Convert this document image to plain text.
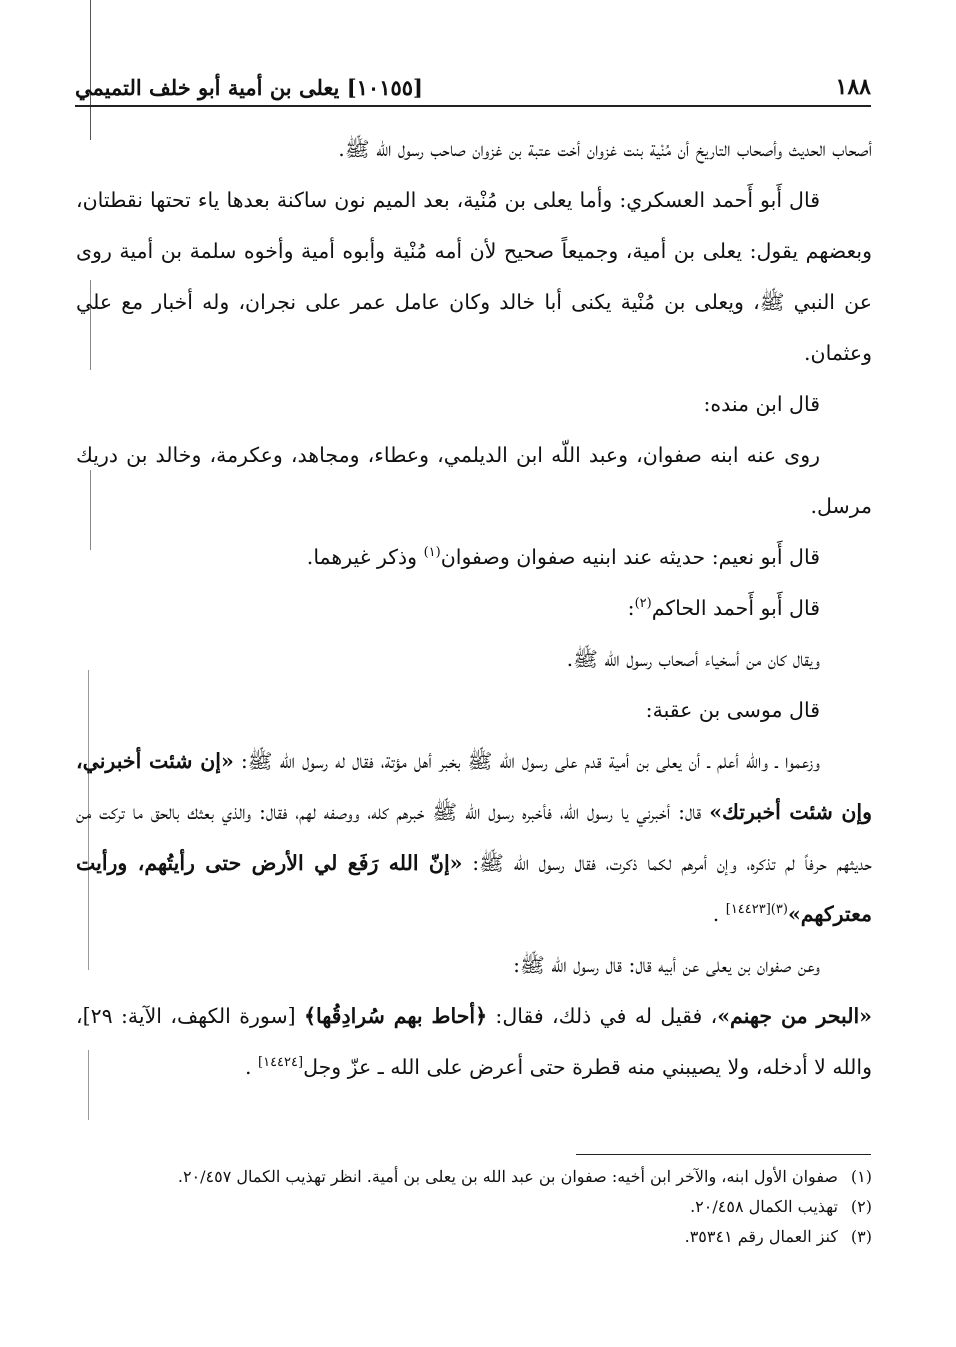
١٨٨
[١٠١٥٥] يعلى بن أمية أبو خلف التميمي

أصحاب الحديث وأصحاب التاريخ أن مُنْية بنت غزوان أخت عتبة بن غزوان صاحب رسول الله ﷺ.

قال أَبو أَحمد العسكري: وأما يعلى بن مُنْية، بعد الميم نون ساكنة بعدها ياء تحتها نقطتان، وبعضهم يقول: يعلى بن أمية، وجميعاً صحيح لأن أمه مُنْية وأبوه أمية وأخوه سلمة بن أمية روى عن النبي ﷺ، ويعلى بن مُنْية يكنى أبا خالد وكان عامل عمر على نجران، وله أخبار مع علي وعثمان.

قال ابن منده:

روى عنه ابنه صفوان، وعبد اللّه ابن الديلمي، وعطاء، ومجاهد، وعكرمة، وخالد بن دريك مرسل.

قال أَبو نعيم: حديثه عند ابنيه صفوان وصفوان$^{(١)}$ وذكر غيرهما.

قال أَبو أَحمد الحاكم$^{(٢)}$:

ويقال كان من أسخياء أصحاب رسول الله ﷺ.

قال موسى بن عقبة:

وزعموا ـ والله أعلم ـ أن يعلى بن أمية قدم على رسول الله ﷺ بخبر أهل مؤتة، فقال له رسول الله ﷺ: «إن شئت أخبرني، وإن شئت أخبرتك» قال: أخبرني يا رسول الله، فأخبره رسول الله ﷺ خبرهم كله، ووصفه لهم، فقال: والذي بعثك بالحق ما تركت من حديثهم حرفاً لم تذكره، وإن أمرهم لكما ذكرت، فقال رسول الله ﷺ: «إنّ الله رَفَع لي الأرض حتى رأيتُهم، ورأيت معتركهم»$^{(٣)[١٤٤٢٣]}$ .

وعن صفوان بن يعلى عن أبيه قال: قال رسول الله ﷺ:

«البحر من جهنم»، فقيل له في ذلك، فقال: ﴿أحاط بهم سُرادِقُها﴾ [سورة الكهف، الآية: ٢٩]، والله لا أدخله، ولا يصيبني منه قطرة حتى أعرض على الله ـ عزّ وجل[١٤٤٢٤] .

(١)صفوان الأول ابنه، والآخر ابن أخيه: صفوان بن عبد الله بن يعلى بن أمية. انظر تهذيب الكمال ٢٠/٤٥٧.

(٢)تهذيب الكمال ٢٠/٤٥٨.

(٣)كنز العمال رقم ٣٥٣٤١.
